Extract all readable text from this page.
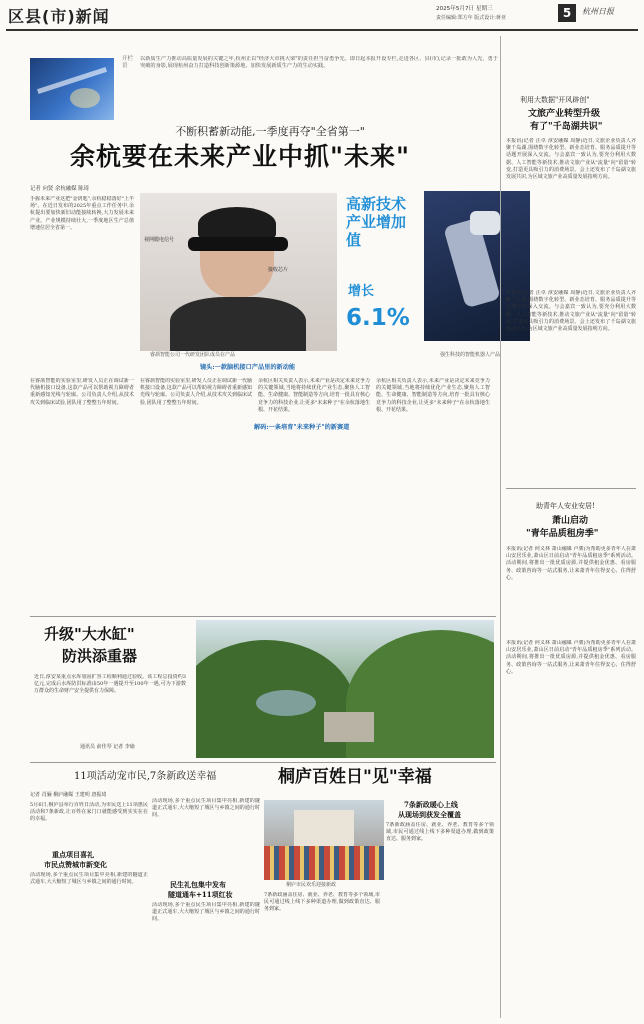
区县(市)新闻	2025年5月7日 星期三
责任编辑:郑方年 版式设计:蒋亚	5	杭州日报
开栏语
以新质生产力推动高质量发展的关键之年,杭州正以"经济大市挑大梁"的责任担当奋勇争先。即日起本报开设专栏,走进各区、县(市),记录一批敢为人先、勇于突破的身影,展现杭州奋力打造科技创新策源地、加快发展新质生产力的生动实践。
不断积蓄新动能,一季度再夺"全省第一"
余杭要在未来产业中抓"未来"
记者 向贤 余杭融媒 陈琦
视网膜电信号
接收芯片
睿颉智能公司一代研发团队成员在产品
高新技术产业增加值
增长
6.1%
强生科技的智能机器人产品
手握未来产业这把"金钥匙",余杭稳稳落好"上半场"。在近日发布的2025年重点工作任务中,余杭提出要加快新旧动能接续转换,大力发展未来产业。产业规模持续壮大,一季度地区生产总值增速位居全省第一。
镜头:一款脑机接口产品里的新动能
在睿颉智能的实验室里,研发人员正在调试新一代脑机接口设备,这款产品可以帮助视力障碍者重新感知光线与轮廓。公司负责人介绍,从技术攻关到临床试验,团队用了整整五年时间。
在睿颉智能的实验室里,研发人员正在调试新一代脑机接口设备,这款产品可以帮助视力障碍者重新感知光线与轮廓。公司负责人介绍,从技术攻关到临床试验,团队用了整整五年时间。
解码:一条培育"未来种子"的新赛道
余杭区相关负责人表示,未来产业是决定未来竞争力的关键领域,当地将持续优化产业生态,聚焦人工智能、生命健康、智能制造等方向,培育一批具有核心竞争力的科技企业,让更多"未来种子"在余杭落地生根、开花结果。
余杭区相关负责人表示,未来产业是决定未来竞争力的关键领域,当地将持续优化产业生态,聚焦人工智能、生命健康、智能制造等方向,培育一批具有核心竞争力的科技企业,让更多"未来种子"在余杭落地生根、开花结果。
升级"大水缸"
防洪添重器
近日,淳安某重点水库加固扩容工程顺利通过验收。该工程总投资约3亿元,完成后水库防洪标准由50年一遇提升至100年一遇,可为下游数万群众的生命财产安全提供有力保障。
通讯员 俞佳琴 记者 李瑜
11项活动宠市民,7条新政送幸福	桐庐百姓日"见"幸福
记者 肖骊 桐庐融媒 王建明 唐振琦
5月6日,桐庐县举行百姓日活动,为市民送上11项惠民活动和7条新政,让百姓在家门口就能感受到实实在在的幸福。
重点项目喜礼
市民点赞城市新变化
活动现场,多个重点民生项目集中亮相,新建的隧道正式通车,大大缩短了城区与乡镇之间的通行时间。
活动现场,多个重点民生项目集中亮相,新建的隧道正式通车,大大缩短了城区与乡镇之间的通行时间。
民生礼包集中发布
隧道通车+11项红妆
活动现场,多个重点民生项目集中亮相,新建的隧道正式通车,大大缩短了城区与乡镇之间的通行时间。
桐庐市民欢乐迎接新政
7条新政涵盖住房、就业、养老、教育等多个领域,市民可通过线上线下多种渠道办理,做到政策直达、服务到家。
7条新政暖心上线
从现场到获发全覆盖
7条新政涵盖住房、就业、养老、教育等多个领域,市民可通过线上线下多种渠道办理,做到政策直达、服务到家。
利用大数据"开风辟创"
文旅产业转型升级
有了"千岛湖共识"
本报讯(记者 汪卓 淳安融媒 周静)近日,文旅企业负责人齐聚千岛湖,围绕数字化转型、新业态培育、服务品质提升等话题开展深入交流。与会嘉宾一致认为,要充分利用大数据、人工智能等新技术,推动文旅产业从"流量"向"留量"转变,打造更具吸引力的消费场景。会上还发布了千岛湖文旅发展共识,为区域文旅产业高质量发展指明方向。
本报讯(记者 汪卓 淳安融媒 周静)近日,文旅企业负责人齐聚千岛湖,围绕数字化转型、新业态培育、服务品质提升等话题开展深入交流。与会嘉宾一致认为,要充分利用大数据、人工智能等新技术,推动文旅产业从"流量"向"留量"转变,打造更具吸引力的消费场景。会上还发布了千岛湖文旅发展共识,为区域文旅产业高质量发展指明方向。
助青年人安业安居!
萧山启动
"青年品质租房季"
本报讯(记者 何义林 萧山融媒 卢骏)为帮助更多青年人在萧山安居乐业,萧山区日前启动"青年品质租房季"系列活动。活动期间,将推出一批优质房源,并提供租金优惠、看房服务、政策咨询等一站式服务,让来萧青年住得安心、住得舒心。
本报讯(记者 何义林 萧山融媒 卢骏)为帮助更多青年人在萧山安居乐业,萧山区日前启动"青年品质租房季"系列活动。活动期间,将推出一批优质房源,并提供租金优惠、看房服务、政策咨询等一站式服务,让来萧青年住得安心、住得舒心。
